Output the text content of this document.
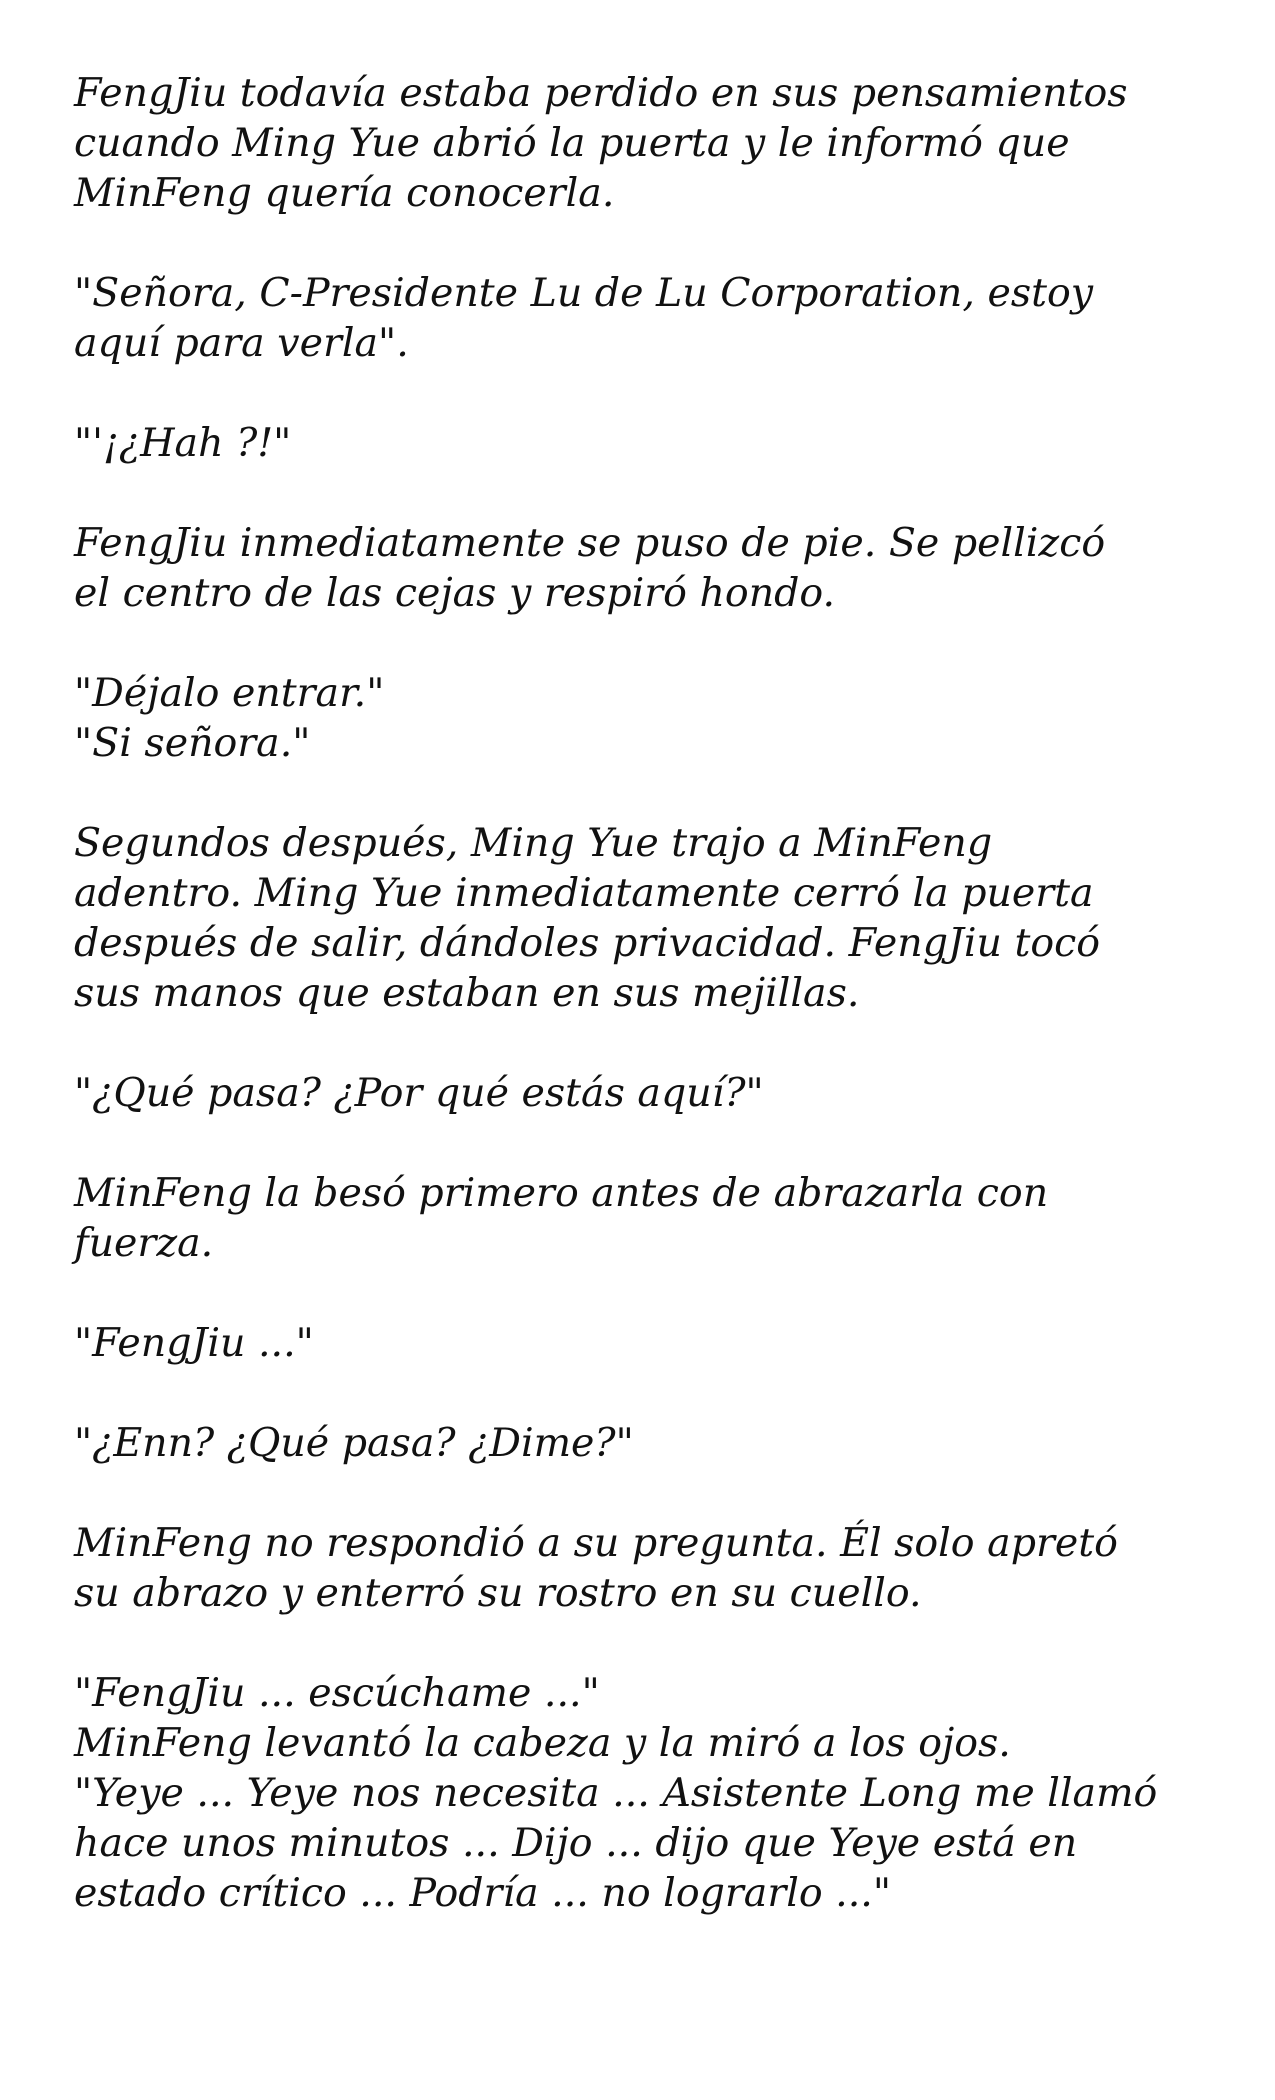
FengJiu todavía estaba perdido en sus pensamientos
cuando Ming Yue abrió la puerta y le informó que
MinFeng quería conocerla.

"Señora, C-Presidente Lu de Lu Corporation, estoy
aquí para verla".

"'¡¿Hah ?!"

FengJiu inmediatamente se puso de pie. Se pellizcó
el centro de las cejas y respiró hondo.

"Déjalo entrar."
"Si señora."

Segundos después, Ming Yue trajo a MinFeng
adentro. Ming Yue inmediatamente cerró la puerta
después de salir, dándoles privacidad. FengJiu tocó
sus manos que estaban en sus mejillas.

"¿Qué pasa? ¿Por qué estás aquí?"

MinFeng la besó primero antes de abrazarla con
fuerza.

"FengJiu ..."

"¿Enn? ¿Qué pasa? ¿Dime?"

MinFeng no respondió a su pregunta. Él solo apretó
su abrazo y enterró su rostro en su cuello.

"FengJiu ... escúchame ..."
MinFeng levantó la cabeza y la miró a los ojos.
"Yeye ... Yeye nos necesita ... Asistente Long me llamó
hace unos minutos ... Dijo ... dijo que Yeye está en
estado crítico ... Podría ... no lograrlo ..."
